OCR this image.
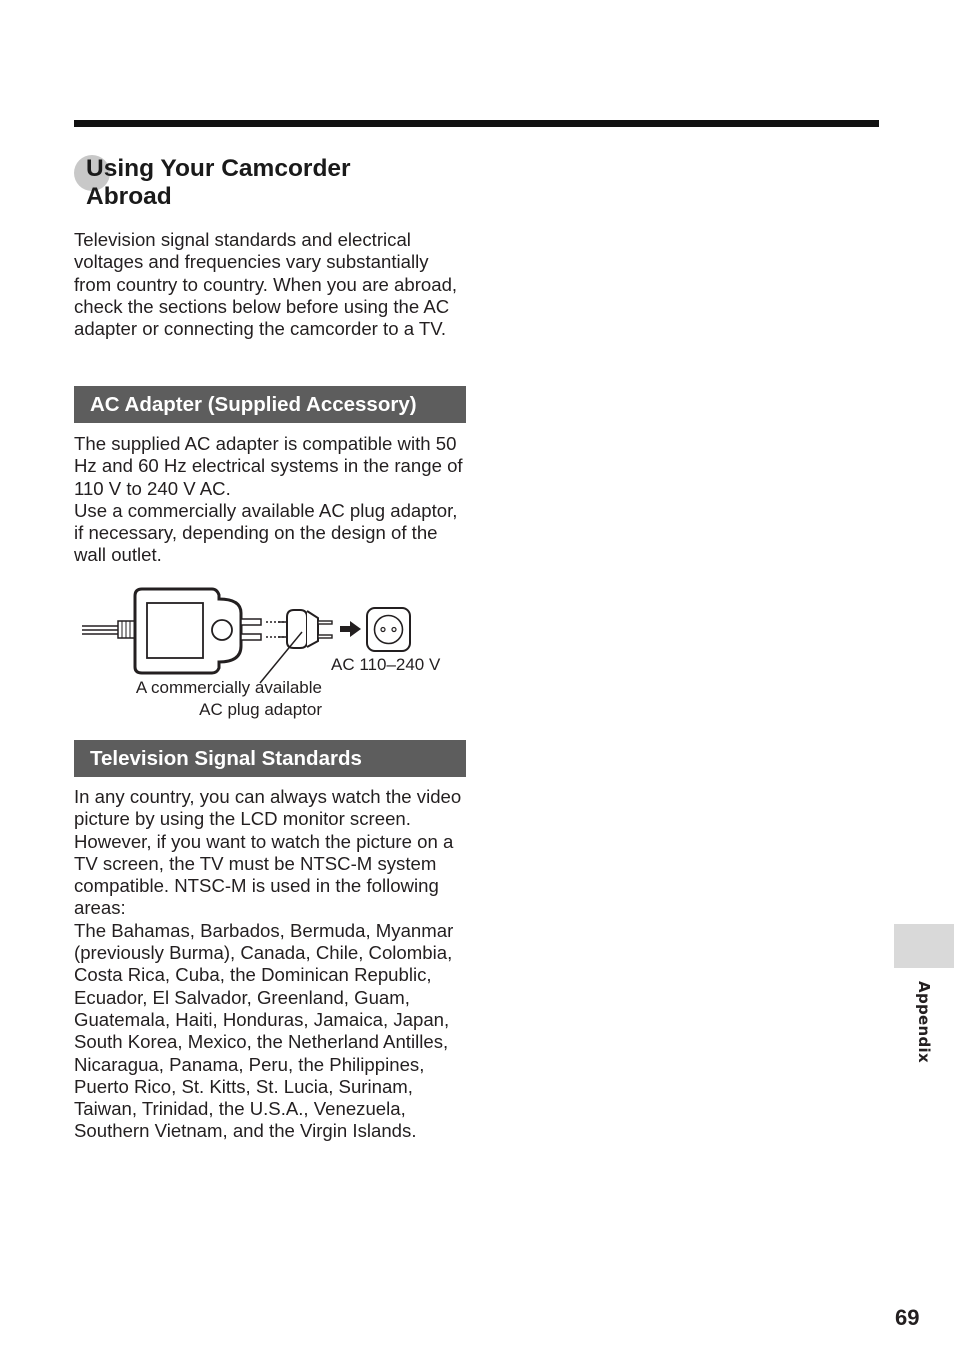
Using Your Camcorder
Abroad

Television signal standards and electrical voltages and frequencies vary substantially from country to country. When you are abroad, check the sections below before using the AC adapter or connecting the camcorder to a TV.

AC Adapter (Supplied Accessory)

The supplied AC adapter is compatible with 50 Hz and 60 Hz electrical systems in the range of 110 V to 240 V AC.
Use a commercially available AC plug adaptor, if necessary, depending on the design of the wall outlet.

AC 110–240 V

A commercially available
AC plug adaptor

Television Signal Standards

In any country, you can always watch the video picture by using the LCD monitor screen. However, if you want to watch the picture on a TV screen, the TV must be NTSC-M system compatible. NTSC-M is used in the following areas:
The Bahamas, Barbados, Bermuda, Myanmar (previously Burma), Canada, Chile, Colombia, Costa Rica, Cuba, the Dominican Republic, Ecuador, El Salvador, Greenland, Guam, Guatemala, Haiti, Honduras, Jamaica, Japan, South Korea, Mexico, the Netherland Antilles, Nicaragua, Panama, Peru, the Philippines, Puerto Rico, St. Kitts, St. Lucia, Surinam, Taiwan, Trinidad, the U.S.A., Venezuela, Southern Vietnam, and the Virgin Islands.

Appendix
69
